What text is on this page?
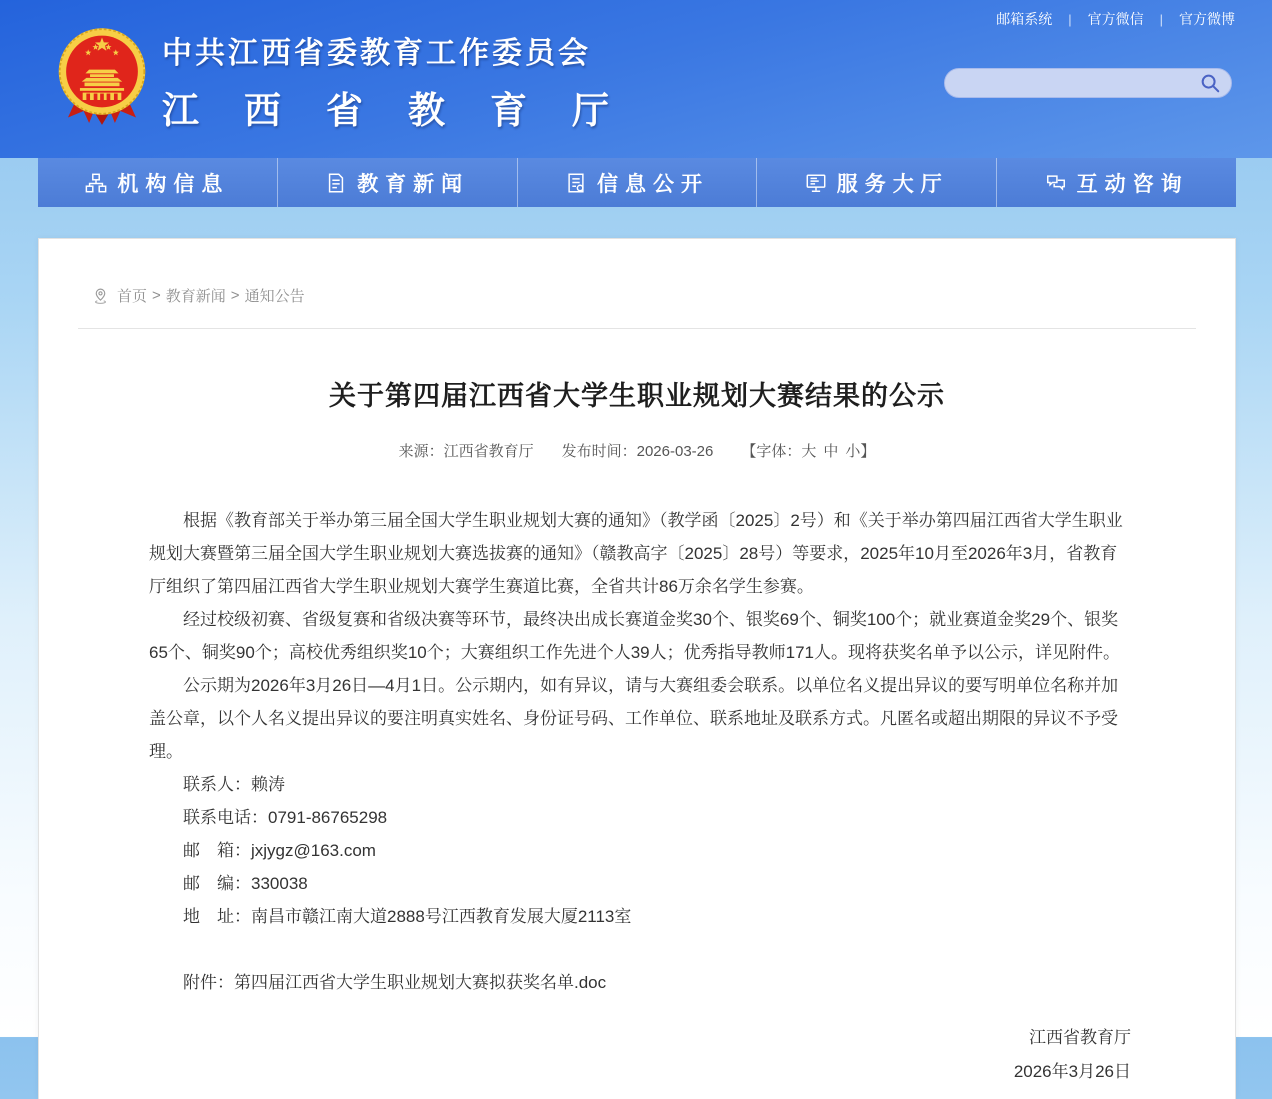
邮箱系统 | 官方微信 | 官方微博
中共江西省委教育工作委员会
江西省教育厅
机构信息	教育新闻	信息公开	服务大厅	互动咨询
首页 > 教育新闻 > 通知公告
关于第四届江西省大学生职业规划大赛结果的公示
来源：江西省教育厅 发布时间：2026-03-26 【字体：大 中 小】

根据《教育部关于举办第三届全国大学生职业规划大赛的通知》（教学函〔2025〕2号）和《关于举办第四届江西省大学生职业规划大赛暨第三届全国大学生职业规划大赛选拔赛的通知》（赣教高字〔2025〕28号）等要求，2025年10月至2026年3月，省教育厅组织了第四届江西省大学生职业规划大赛学生赛道比赛，全省共计86万余名学生参赛。

经过校级初赛、省级复赛和省级决赛等环节，最终决出成长赛道金奖30个、银奖69个、铜奖100个；就业赛道金奖29个、银奖65个、铜奖90个；高校优秀组织奖10个；大赛组织工作先进个人39人；优秀指导教师171人。现将获奖名单予以公示，详见附件。

公示期为2026年3月26日—4月1日。公示期内，如有异议，请与大赛组委会联系。以单位名义提出异议的要写明单位名称并加盖公章，以个人名义提出异议的要注明真实姓名、身份证号码、工作单位、联系地址及联系方式。凡匿名或超出期限的异议不予受理。

联系人：赖涛
联系电话：0791-86765298
邮　箱：jxjygz@163.com
邮　编：330038
地　址：南昌市赣江南大道2888号江西教育发展大厦2113室
附件：第四届江西省大学生职业规划大赛拟获奖名单.doc
江西省教育厅
2026年3月26日
